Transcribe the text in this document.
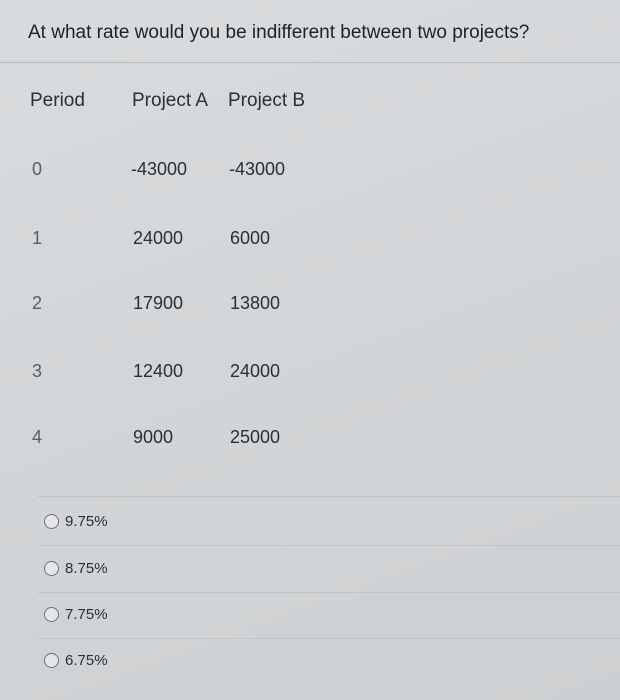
At what rate would you be indifferent between two projects?
Period Project A Project B
0	-43000 -43000
1	24000	6000
2	17900	13800
3	12400	24000
4	9000	25000
9.75%
8.75%
7.75%
6.75%
